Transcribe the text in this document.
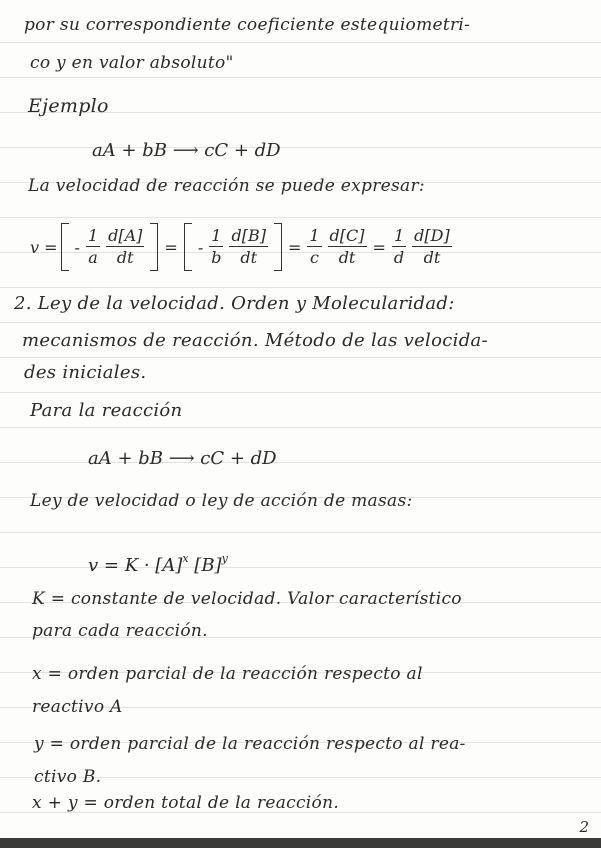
por su correspondiente coeficiente estequiometri-
co y en valor absoluto"
Ejemplo
aA + bB ⟶ cC + dD
La velocidad de reacción se puede expresar:
v = - $\frac{1}{a} \frac{d[A]}{dt}$ = - $\frac{1}{b} \frac{d[B]}{dt} = \frac{1}{c} \frac{d[C]}{dt} = \frac{1}{d} \frac{d[D]}{dt}$
2. Ley de la velocidad. Orden y Molecularidad:
mecanismos de reacción. Método de las velocida-
des iniciales.
Para la reacción
aA + bB ⟶ cC + dD
Ley de velocidad o ley de acción de masas:
$v = K \cdot [A]^x$ $[B]^y$
K = constante de velocidad. Valor característico
para cada reacción.
x = orden parcial de la reacción respecto al
reactivo A
y = orden parcial de la reacción respecto al rea-
ctivo B.
x + y = orden total de la reacción.
2
